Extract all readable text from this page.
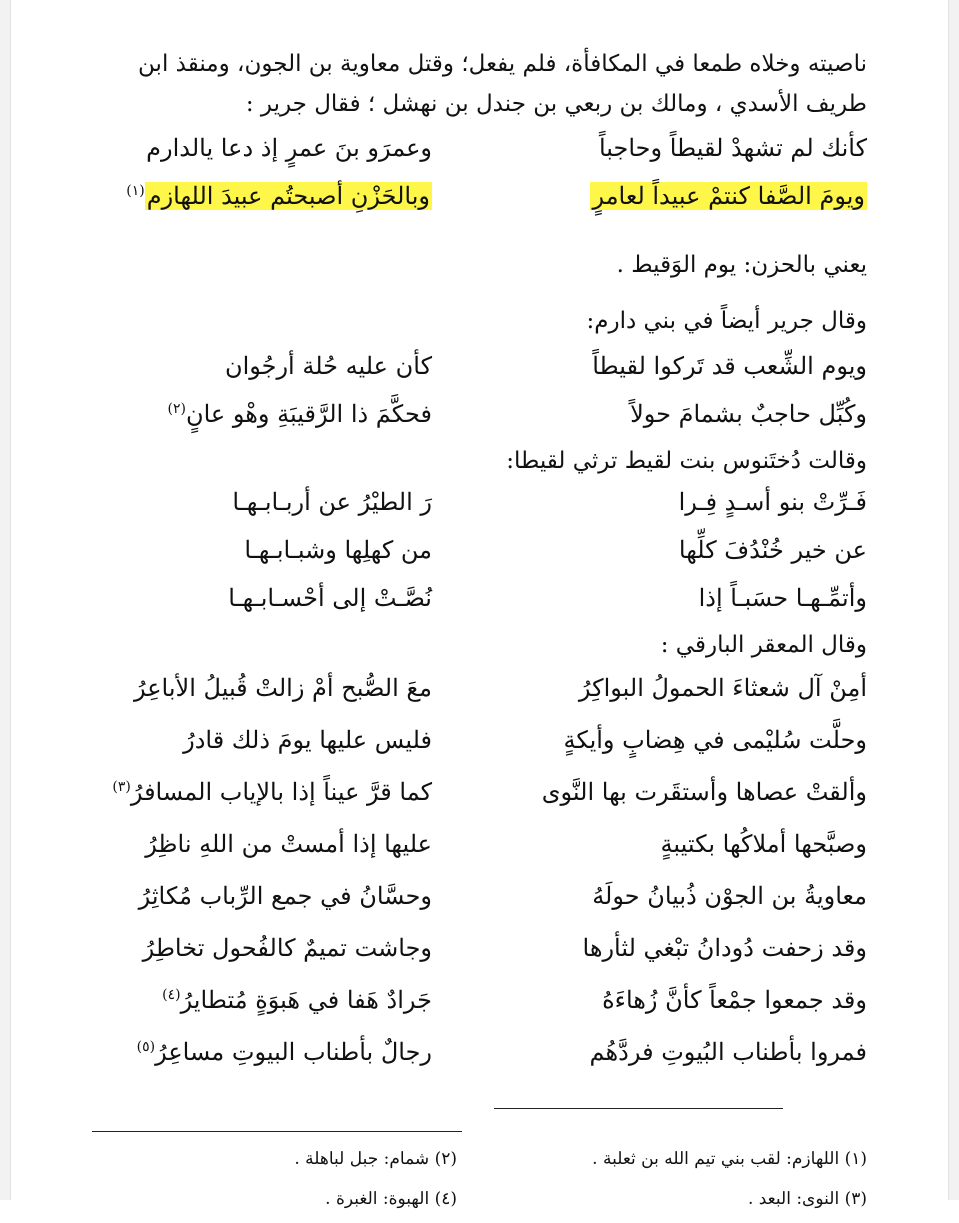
ناصيته وخلاه طمعا في المكافأة، فلم يفعل؛ وقتل معاوية بن الجون، ومنقذ ابن
طريف الأسدي ، ومالك بن ربعي بن جندل بن نهشل ؛ فقال جرير :
كأنك لم تشهدْ لقيطاً وحاجباً
وعمرَو بنَ عمرٍ إذ دعا يالدارم
ويومَ الصَّفا كنتمْ عبيداً لعامرٍ
وبالحَزْنِ أصبحتُم عبيدَ اللهازم$^{(١)}$

يعني بالحزن: يوم الوَقيط .

وقال جرير أيضاً في بني دارم:

ويوم الشِّعب قد تَركوا لقيطاً
كأن عليه حُلة أرجُوان
وكُبِّل حاجبٌ بشمامَ حولاً
فحكَّمَ ذا الرَّقيبَةِ وهْو عانٍ$^{(٢)}$

وقالت دُختَنوس بنت لقيط ترثي لقيطا:

فَـرِّتْ بنو أسـدٍ فِـرا
رَ الطيْرُ عن أربـابـهـا
عن خير خُنْدُفَ كلِّها
من كهلِها وشبـابـهـا
وأتمِّـهـا حسَبـاً إذا
نُصَّـتْ إلى أحْسـابـهـا

وقال المعقر البارقي :

أمِنْ آل شعثاءَ الحمولُ البواكِرُ
معَ الصُّبح أمْ زالتْ قُبيلُ الأباعِرُ
وحلَّت سُليْمى في هِضابٍ وأيكةٍ
فليس عليها يومَ ذلك قادرُ
وألقتْ عصاها وأستقَرت بها النَّوى
كما قرَّ عيناً إذا بالإياب المسافرُ$^{(٣)}$
وصبَّحها أملاكُها بكتيبةٍ
عليها إذا أمستْ من اللهِ ناظِرُ
معاويةُ بن الجوْن ذُبيانُ حولَهُ
وحسَّانُ في جمع الرِّباب مُكاثِرُ
وقد زحفت دُودانُ تبْغي لثأرها
وجاشت تميمٌ كالفُحول تخاطِرُ
وقد جمعوا جمْعاً كأنَّ زُهاءَهُ
جَرادٌ هَفا في هَبوَةٍ مُتطايرُ$^{(٤)}$
فمروا بأطناب البُيوتِ فردَّهُم
رجالٌ بأطناب البيوتِ مساعِرُ$^{(٥)}$
(١) اللهازم: لقب بني تيم الله بن ثعلبة .
(٢) شمام: جبل لباهلة .
(٣) النوى: البعد .
(٤) الهبوة: الغبرة .
